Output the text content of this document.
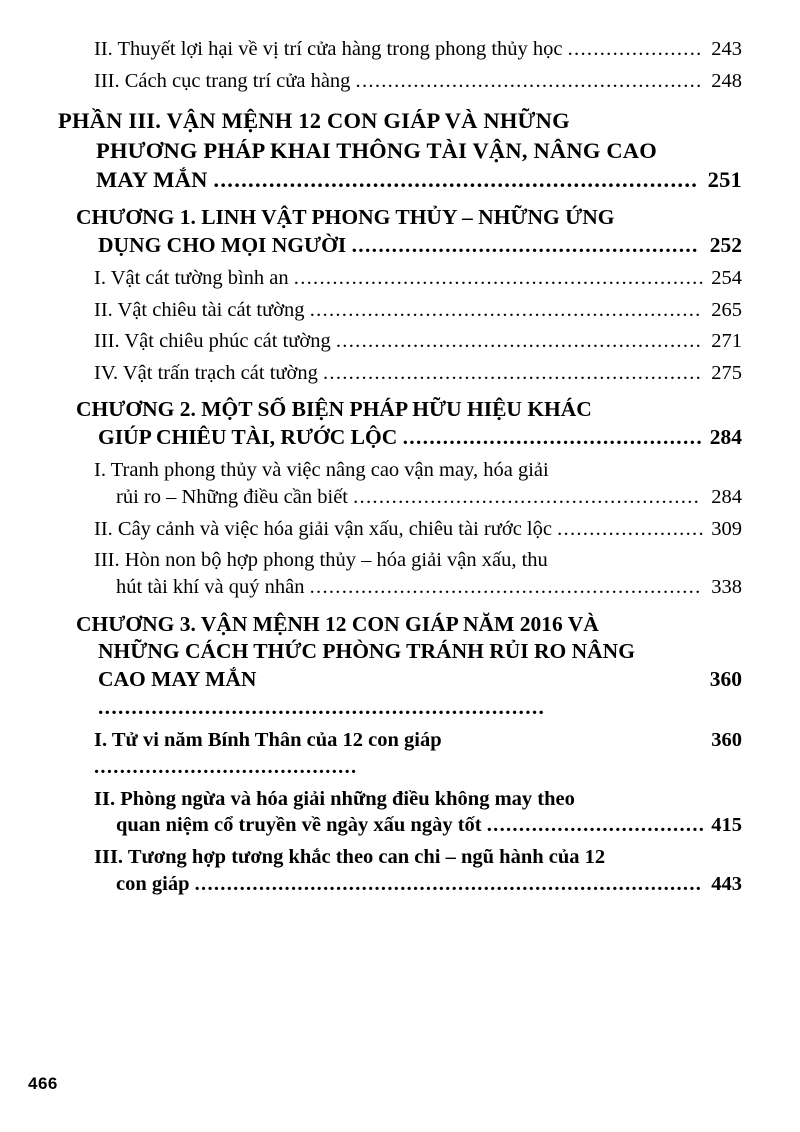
243
II. Thuyết lợi hại về vị trí cửa hàng trong phong thủy học .....................
248
III. Cách cục trang trí cửa hàng ......................................................
PHẦN III. VẬN MỆNH 12 CON GIÁP VÀ NHỮNG
PHƯƠNG PHÁP KHAI THÔNG TÀI VẬN, NÂNG CAO
251
MAY MẮN ......................................................................
CHƯƠNG 1. LINH VẬT PHONG THỦY – NHỮNG ỨNG
252
DỤNG CHO MỌI NGƯỜI ....................................................
254
I. Vật cát tường bình an ................................................................
265
II. Vật chiêu tài cát tường .............................................................
271
III. Vật chiêu phúc cát tường .........................................................
275
IV. Vật trấn trạch cát tường ...........................................................
CHƯƠNG 2. MỘT SỐ BIỆN PHÁP HỮU HIỆU KHÁC
284
GIÚP CHIÊU TÀI, RƯỚC LỘC .............................................
I. Tranh phong thủy và việc nâng cao vận may, hóa giải
284
rủi ro – Những điều cần biết ......................................................
309
II. Cây cảnh và việc hóa giải vận xấu, chiêu tài rước lộc .......................
III. Hòn non bộ hợp phong thủy – hóa giải vận xấu, thu
338
hút tài khí và quý nhân .............................................................
CHƯƠNG 3. VẬN MỆNH 12 CON GIÁP NĂM 2016 VÀ
NHỮNG CÁCH THỨC PHÒNG TRÁNH RỦI RO NÂNG
360
CAO MAY MẮN ...................................................................
360
I. Tử vi năm Bính Thân của 12 con giáp .........................................
II. Phòng ngừa và hóa giải những điều không may theo
415
quan niệm cổ truyền về ngày xấu ngày tốt ..................................
III. Tương hợp tương khắc theo can chi – ngũ hành của 12
443
con giáp ...............................................................................
466
